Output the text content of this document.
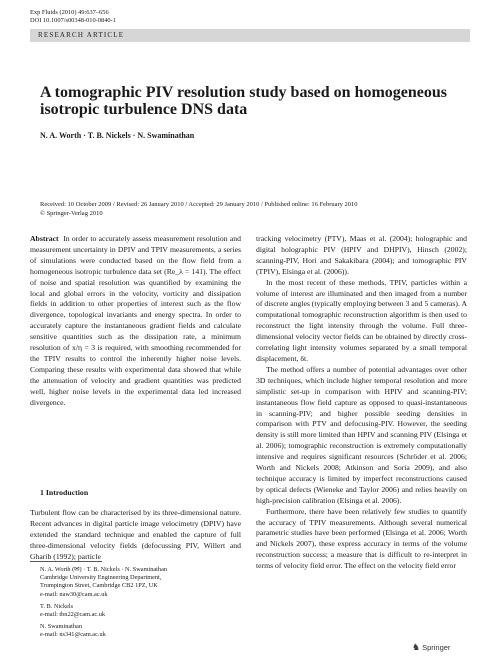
Exp Fluids (2010) 49:637–656
DOI 10.1007/s00348-010-0840-1
RESEARCH ARTICLE
A tomographic PIV resolution study based on homogeneous isotropic turbulence DNS data
N. A. Worth · T. B. Nickels · N. Swaminathan
Received: 10 October 2009 / Revised: 26 January 2010 / Accepted: 29 January 2010 / Published online: 16 February 2010
© Springer-Verlag 2010

Abstract In order to accurately assess measurement resolution and measurement uncertainty in DPIV and TPIV measurements, a series of simulations were conducted based on the flow field from a homogeneous isotropic turbulence data set (Re_λ = 141). The effect of noise and spatial resolution was quantified by examining the local and global errors in the velocity, vorticity and dissipation fields in addition to other properties of interest such as the flow divergence, topological invariants and energy spectra. In order to accurately capture the instantaneous gradient fields and calculate sensitive quantities such as the dissipation rate, a minimum resolution of x/η = 3 is required, with smoothing recommended for the TPIV results to control the inherently higher noise levels. Comparing these results with experimental data showed that while the attenuation of velocity and gradient quantities was predicted well, higher noise levels in the experimental data led increased divergence.

1 Introduction

Turbulent flow can be characterised by its three-dimensional nature. Recent advances in digital particle image velocimetry (DPIV) have extended the standard technique and enabled the capture of full three-dimensional velocity fields (defocussing PIV, Willert and Gharib (1992); particle

N. A. Worth (✉) · T. B. Nickels · N. Swaminathan
Cambridge University Engineering Department,
Trumpington Street, Cambridge CB2 1PZ, UK
e-mail: naw30@cam.ac.uk

T. B. Nickels
e-mail: tbn22@cam.ac.uk

N. Swaminathan
e-mail: ns341@cam.ac.uk

tracking velocimetry (PTV), Maas et al. (2004); holographic and digital holographic PIV (HPIV and DHPIV), Hinsch (2002); scanning-PIV, Hori and Sakakibara (2004); and tomographic PIV (TPIV), Elsinga et al. (2006)).

In the most recent of these methods, TPIV, particles within a volume of interest are illuminated and then imaged from a number of discrete angles (typically employing between 3 and 5 cameras). A computational tomographic reconstruction algorithm is then used to reconstruct the light intensity through the volume. Full three-dimensional velocity vector fields can be obtained by directly cross-correlating light intensity volumes separated by a small temporal displacement, δt.

The method offers a number of potential advantages over other 3D techniques, which include higher temporal resolution and more simplistic set-up in comparison with HPIV and scanning-PIV; instantaneous flow field capture as opposed to quasi-instantaneous in scanning-PIV; and higher possible seeding densities in comparison with PTV and defocusing-PIV. However, the seeding density is still more limited than HPIV and scanning PIV (Elsinga et al. 2006); tomographic reconstruction is extremely computationally intensive and requires significant resources (Schröder et al. 2006; Worth and Nickels 2008; Atkinson and Soria 2009), and also technique accuracy is limited by imperfect reconstructions caused by optical defects (Wieneke and Taylor 2006) and relies heavily on high-precision calibration (Elsinga et al. 2006).

Furthermore, there have been relatively few studies to quantify the accuracy of TPIV measurements. Although several numerical parametric studies have been performed (Elsinga et al. 2006; Worth and Nickels 2007), these express accuracy in terms of the volume reconstruction success; a measure that is difficult to re-interpret in terms of velocity field error. The effect on the velocity field error

♞ Springer
